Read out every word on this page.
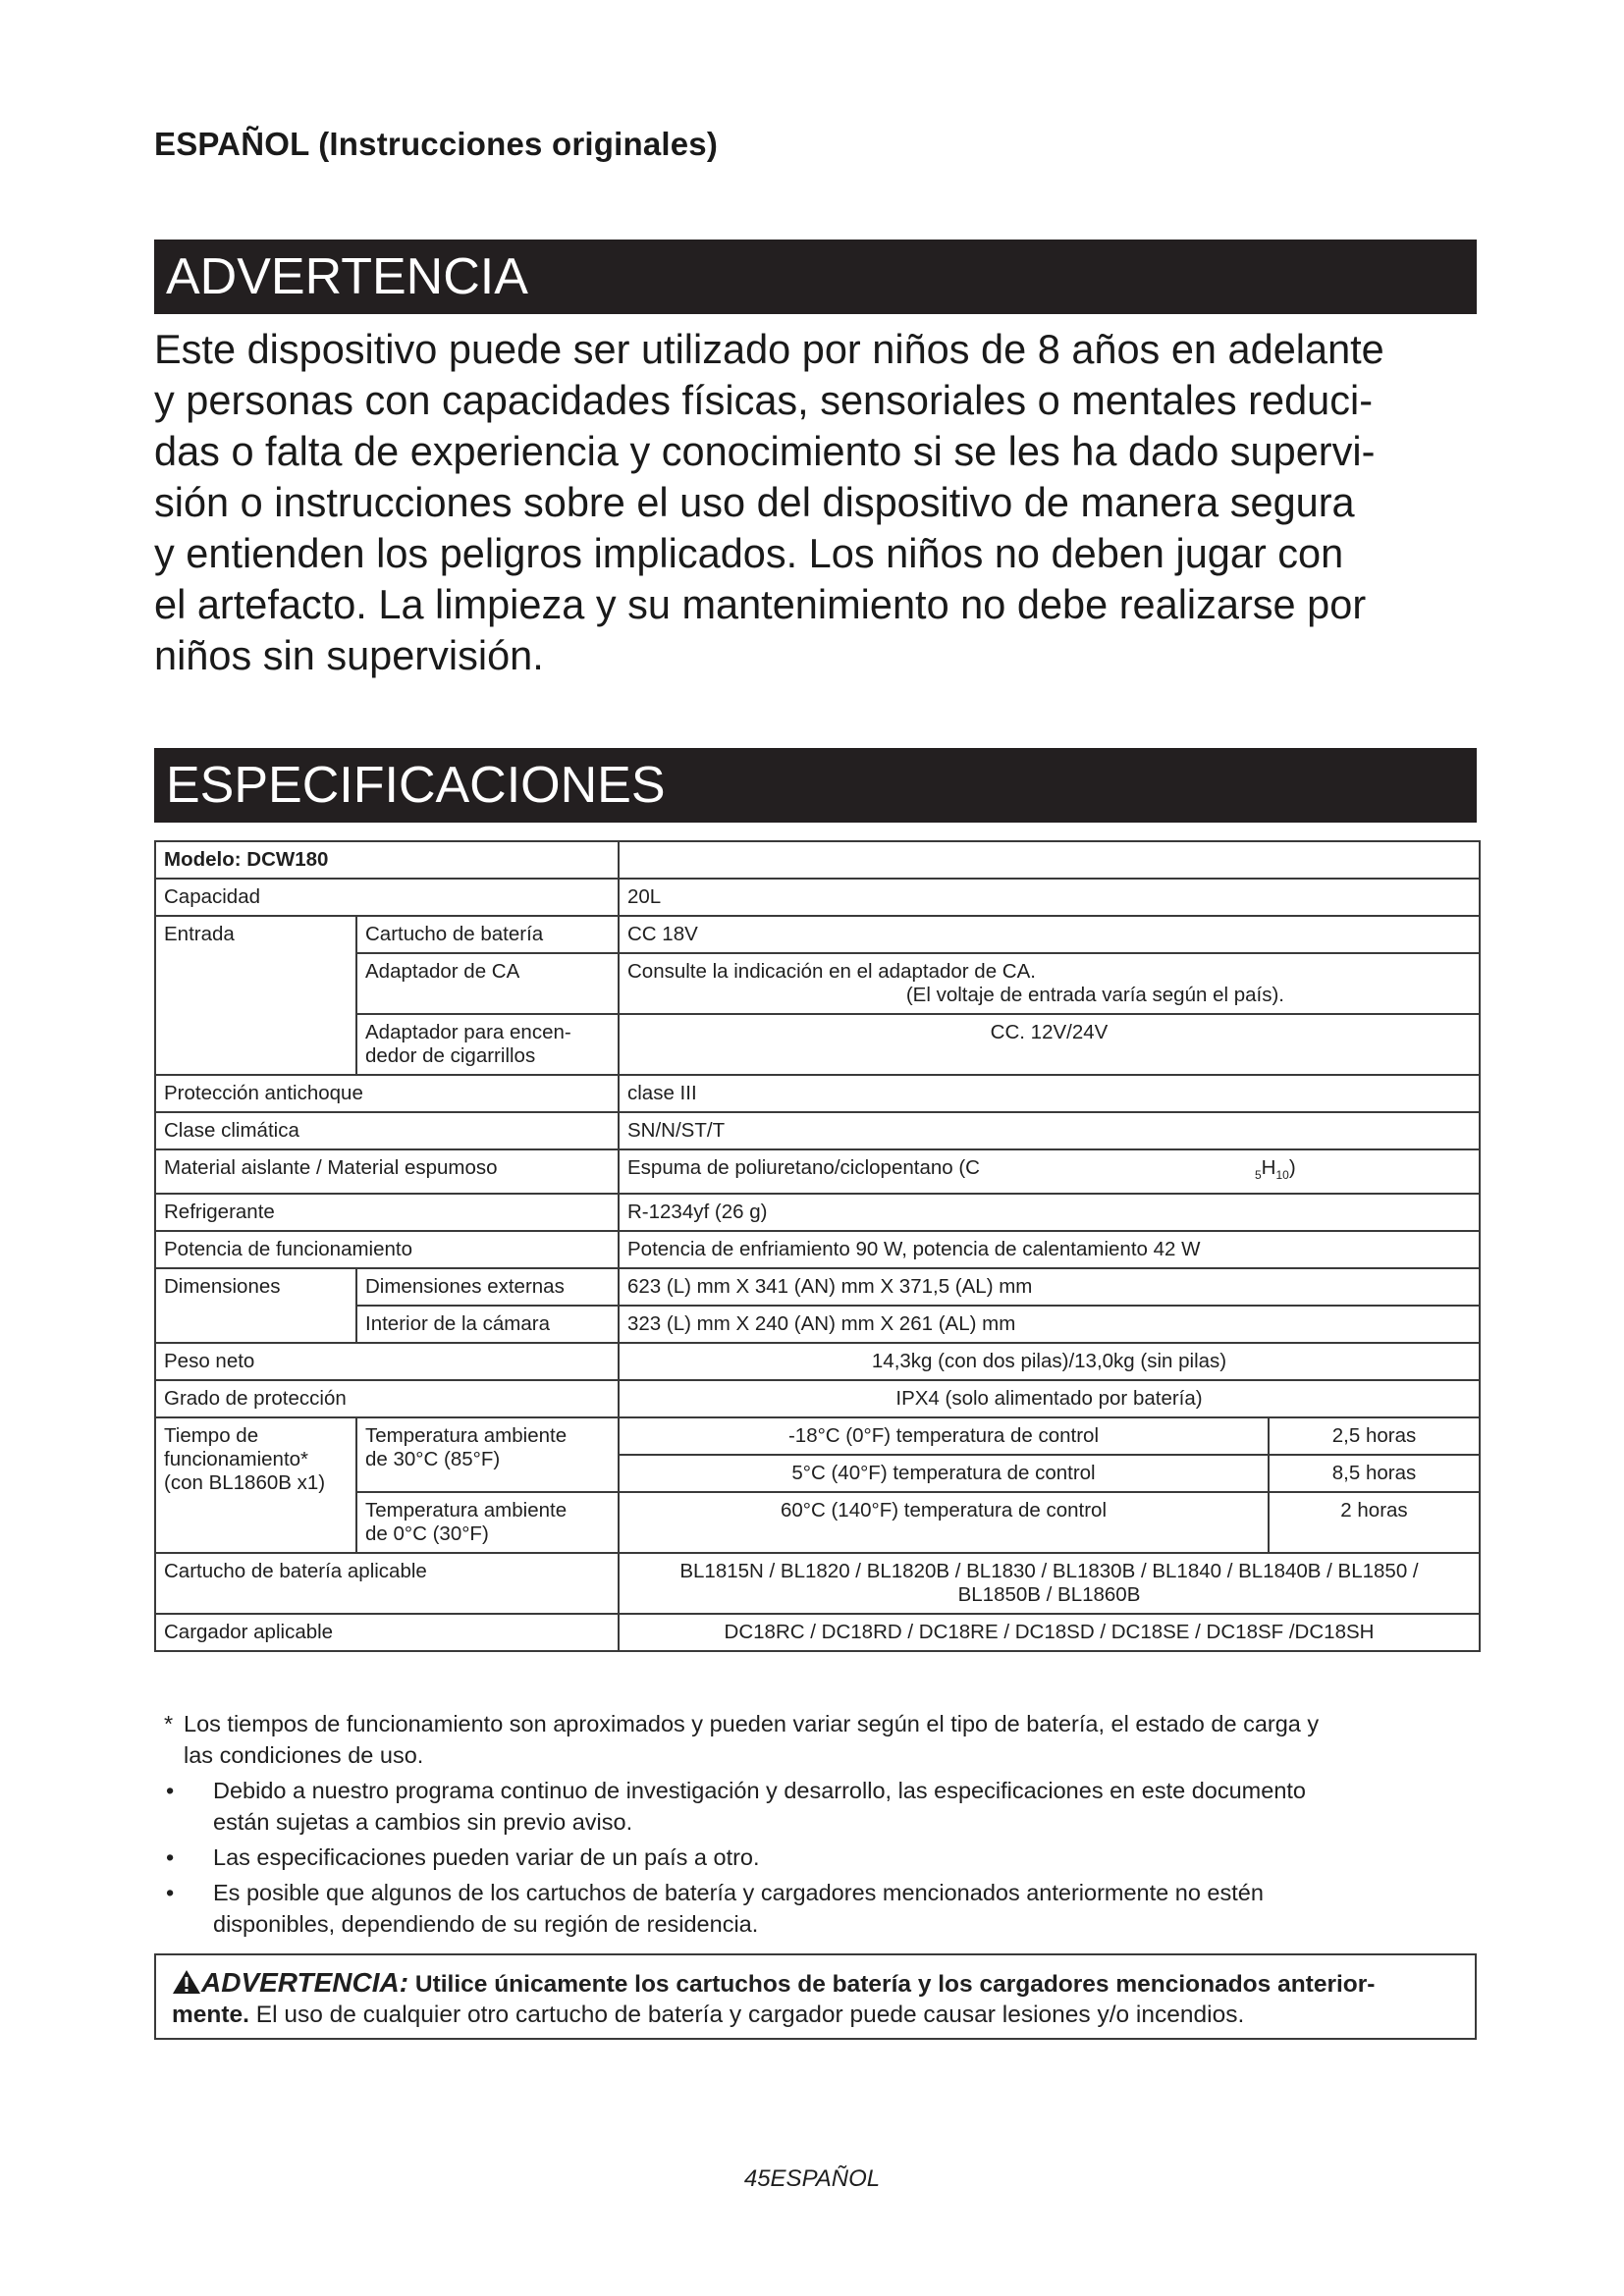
ESPAÑOL (Instrucciones originales)
ADVERTENCIA
Este dispositivo puede ser utilizado por niños de 8 años en adelante
y personas con capacidades físicas, sensoriales o mentales reduci-
das o falta de experiencia y conocimiento si se les ha dado supervi-
sión o instrucciones sobre el uso del dispositivo de manera segura
y entienden los peligros implicados. Los niños no deben jugar con
el artefacto. La limpieza y su mantenimiento no debe realizarse por
niños sin supervisión.
ESPECIFICACIONES
Modelo: DCW180			
Capacidad		20L	
Entrada	Cartucho de batería	CC 18V	
	Adaptador de CA	Consulte la indicación en el adaptador de CA.
(El voltaje de entrada varía según el país).	

	Adaptador para encen-
dedor de cigarrillos	CC. 12V/24V	
Protección antichoque		clase III	
Clase climática		SN/N/ST/T	
Material aislante / Material espumoso		Espuma de poliuretano/ciclopentano (C $_5H_{10}$)	
Refrigerante		R-1234yf (26 g)	
Potencia de funcionamiento		Potencia de enfriamiento 90 W, potencia de calentamiento 42 W	
Dimensiones	Dimensiones externas	623 (L) mm X 341 (AN) mm X 371,5 (AL) mm	
	Interior de la cámara	323 (L) mm X 240 (AN) mm X 261 (AL) mm	
Peso neto		14,3kg (con dos pilas)/13,0kg (sin pilas)	
Grado de protección		IPX4 (solo alimentado por batería)	

Tiempo de
funcionamiento*
(con BL1860B x1)	Temperatura ambiente
de 30°C (85°F)	-18°C (0°F) temperatura de control	2,5 horas
		5°C (40°F) temperatura de control	8,5 horas

	Temperatura ambiente
de 0°C (30°F)	60°C (140°F) temperatura de control	2 horas
Cartucho de batería aplicable		BL1815N / BL1820 / BL1820B / BL1830 / BL1830B / BL1840 / BL1840B / BL1850 /
BL1850B / BL1860B	

Cargador aplicable		DC18RC / DC18RD / DC18RE / DC18SD / DC18SE / DC18SF /DC18SH	
* Los tiempos de funcionamiento son aproximados y pueden variar según el tipo de batería, el estado de carga y
las condiciones de uso.
• Debido a nuestro programa continuo de investigación y desarrollo, las especificaciones en este documento
están sujetas a cambios sin previo aviso.
• Las especificaciones pueden variar de un país a otro.
• Es posible que algunos de los cartuchos de batería y cargadores mencionados anteriormente no estén
disponibles, dependiendo de su región de residencia.
ADVERTENCIA: Utilice únicamente los cartuchos de batería y los cargadores mencionados anterior-
mente. El uso de cualquier otro cartucho de batería y cargador puede causar lesiones y/o incendios.
45ESPAÑOL
